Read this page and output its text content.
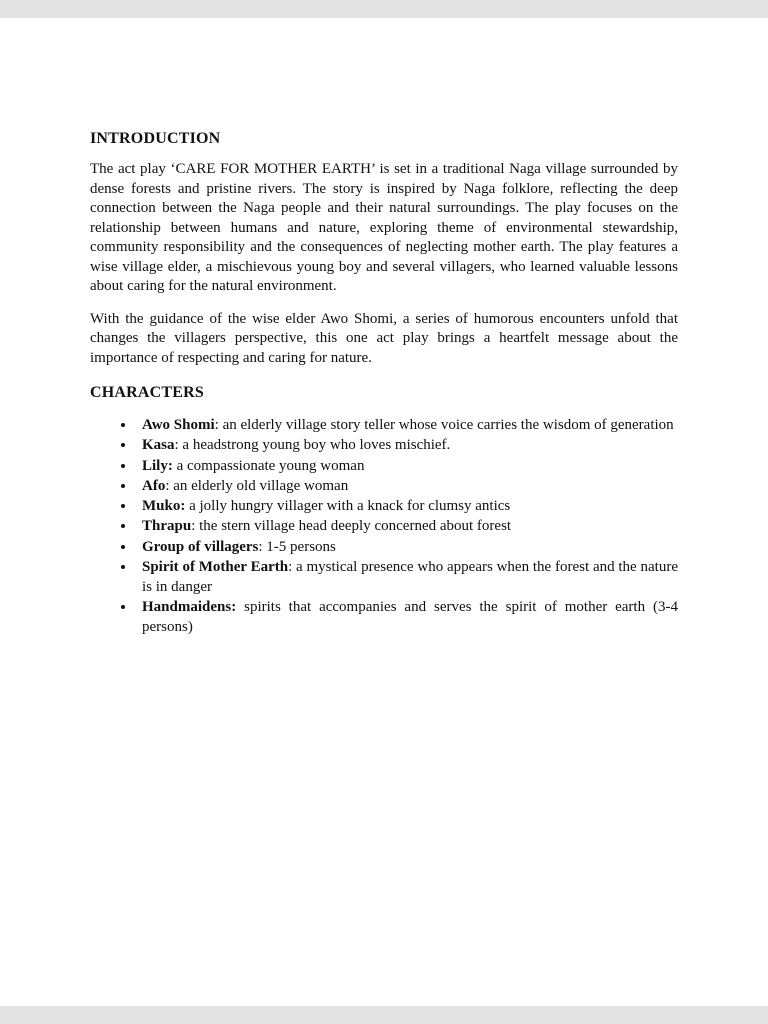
INTRODUCTION

The act play ‘CARE FOR MOTHER EARTH’ is set in a traditional Naga village surrounded by dense forests and pristine rivers. The story is inspired by Naga folklore, reflecting the deep connection between the Naga people and their natural surroundings. The play focuses on the relationship between humans and nature, exploring theme of environmental stewardship, community responsibility and the consequences of neglecting mother earth. The play features a wise village elder, a mischievous young boy and several villagers, who learned valuable lessons about caring for the natural environment.

With the guidance of the wise elder Awo Shomi, a series of humorous encounters unfold that changes the villagers perspective, this one act play brings a heartfelt message about the importance of respecting and caring for nature.

CHARACTERS
• Awo Shomi: an elderly village story teller whose voice carries the wisdom of generation
• Kasa: a headstrong young boy who loves mischief.
• Lily: a compassionate young woman
• Afo: an elderly old village woman
• Muko: a jolly hungry villager with a knack for clumsy antics
• Thrapu: the stern village head deeply concerned about forest
• Group of villagers: 1-5 persons
• Spirit of Mother Earth: a mystical presence who appears when the forest and the nature is in danger
• Handmaidens: spirits that accompanies and serves the spirit of mother earth (3-4 persons)
